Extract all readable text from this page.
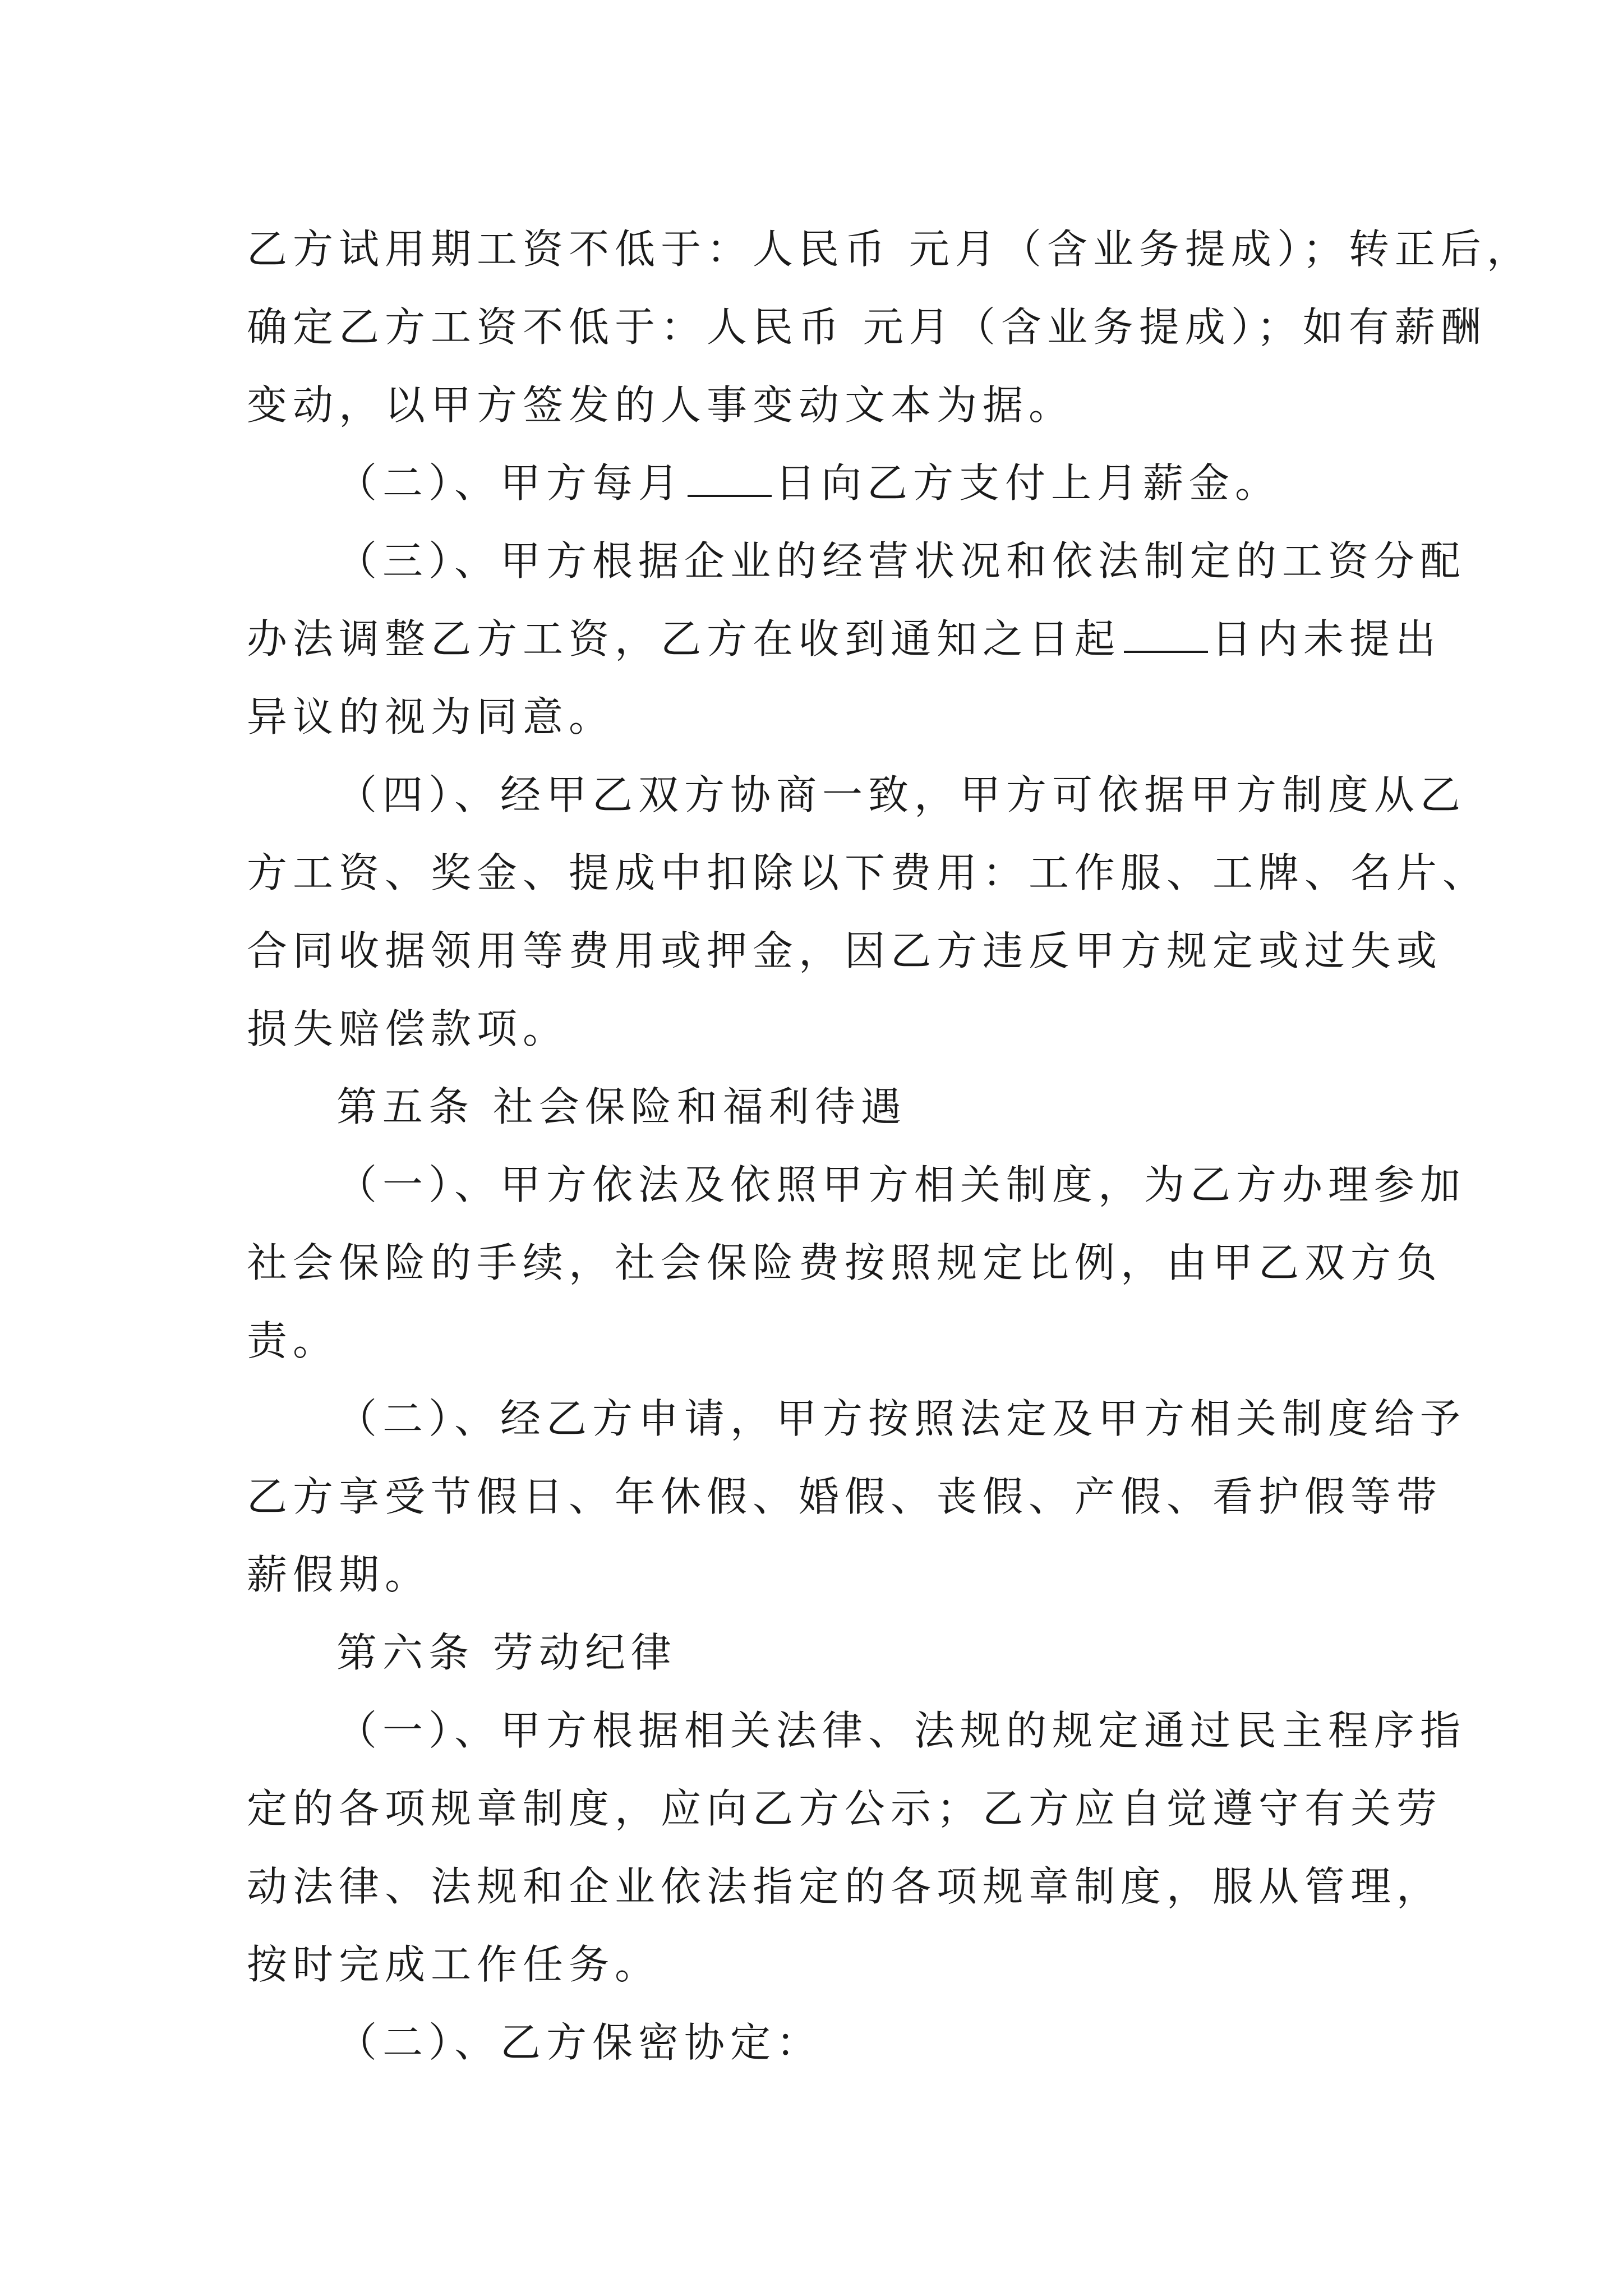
乙方试用期工资不低于：人民币 元月（含业务提成）；转正后，
确定乙方工资不低于：人民币 元月（含业务提成）；如有薪酬
变动，以甲方签发的人事变动文本为据。
（二）、甲方每月 日向乙方支付上月薪金。
（三）、甲方根据企业的经营状况和依法制定的工资分配
办法调整乙方工资，乙方在收到通知之日起 日内未提出
异议的视为同意。
（四）、经甲乙双方协商一致，甲方可依据甲方制度从乙
方工资、奖金、提成中扣除以下费用：工作服、工牌、名片、
合同收据领用等费用或押金，因乙方违反甲方规定或过失或
损失赔偿款项。
第五条 社会保险和福利待遇
（一）、甲方依法及依照甲方相关制度，为乙方办理参加
社会保险的手续，社会保险费按照规定比例，由甲乙双方负
责。
（二）、经乙方申请，甲方按照法定及甲方相关制度给予
乙方享受节假日、年休假、婚假、丧假、产假、看护假等带
薪假期。
第六条 劳动纪律
（一）、甲方根据相关法律、法规的规定通过民主程序指
定的各项规章制度，应向乙方公示；乙方应自觉遵守有关劳
动法律、法规和企业依法指定的各项规章制度，服从管理，
按时完成工作任务。
（二）、乙方保密协定：
